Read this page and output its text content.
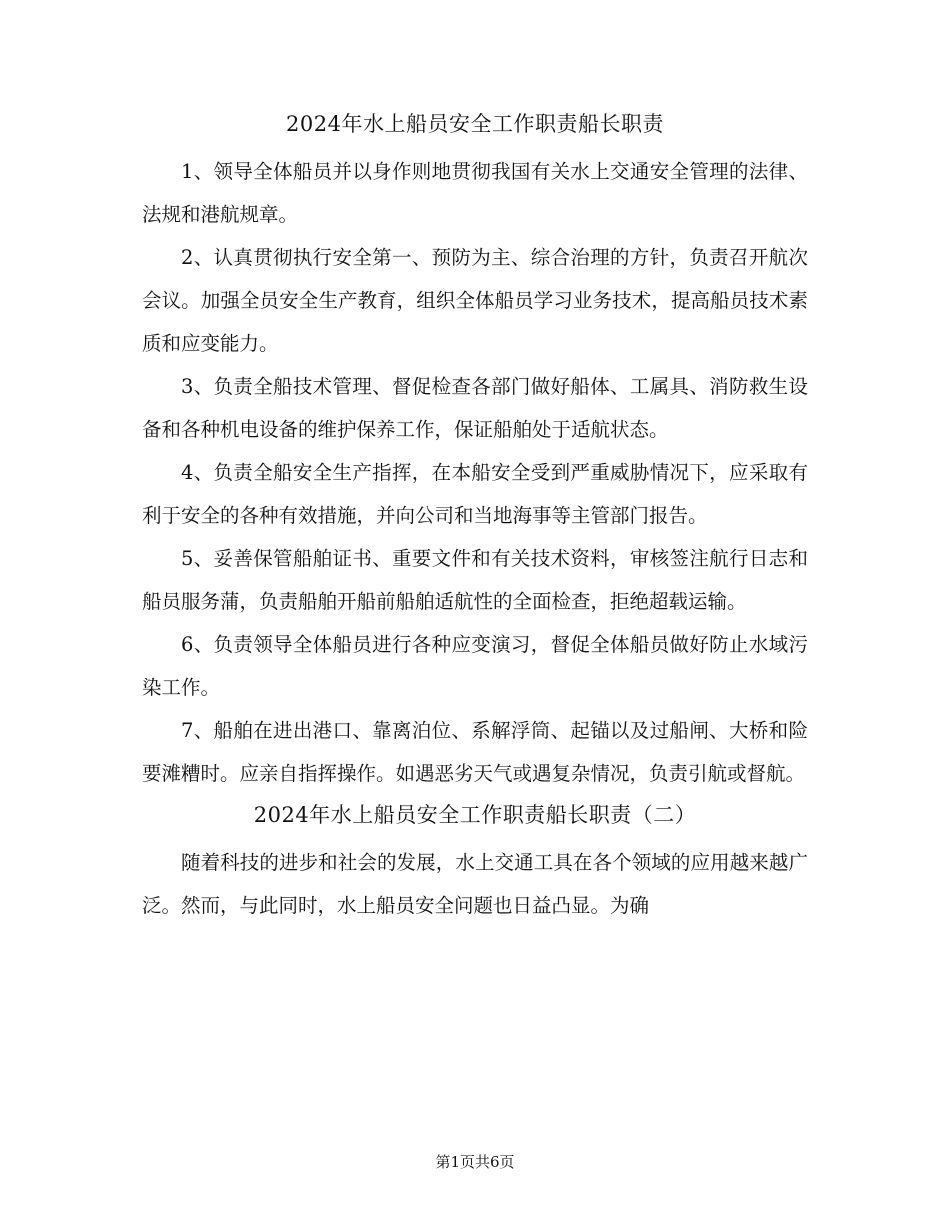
2024年水上船员安全工作职责船长职责

1、领导全体船员并以身作则地贯彻我国有关水上交通安全管理的法律、法规和港航规章。

2、认真贯彻执行安全第一、预防为主、综合治理的方针，负责召开航次会议。加强全员安全生产教育，组织全体船员学习业务技术，提高船员技术素质和应变能力。

3、负责全船技术管理、督促检查各部门做好船体、工属具、消防救生设备和各种机电设备的维护保养工作，保证船舶处于适航状态。

4、负责全船安全生产指挥，在本船安全受到严重威胁情况下，应采取有利于安全的各种有效措施，并向公司和当地海事等主管部门报告。

5、妥善保管船舶证书、重要文件和有关技术资料，审核签注航行日志和船员服务蒲，负责船舶开船前船舶适航性的全面检查，拒绝超载运输。

6、负责领导全体船员进行各种应变演习，督促全体船员做好防止水域污染工作。

7、船舶在进出港口、靠离泊位、系解浮筒、起锚以及过船闸、大桥和险要滩糟时。应亲自指挥操作。如遇恶劣天气或遇复杂情况，负责引航或督航。

2024年水上船员安全工作职责船长职责（二）

随着科技的进步和社会的发展，水上交通工具在各个领域的应用越来越广泛。然而，与此同时，水上船员安全问题也日益凸显。为确

第1页共6页
